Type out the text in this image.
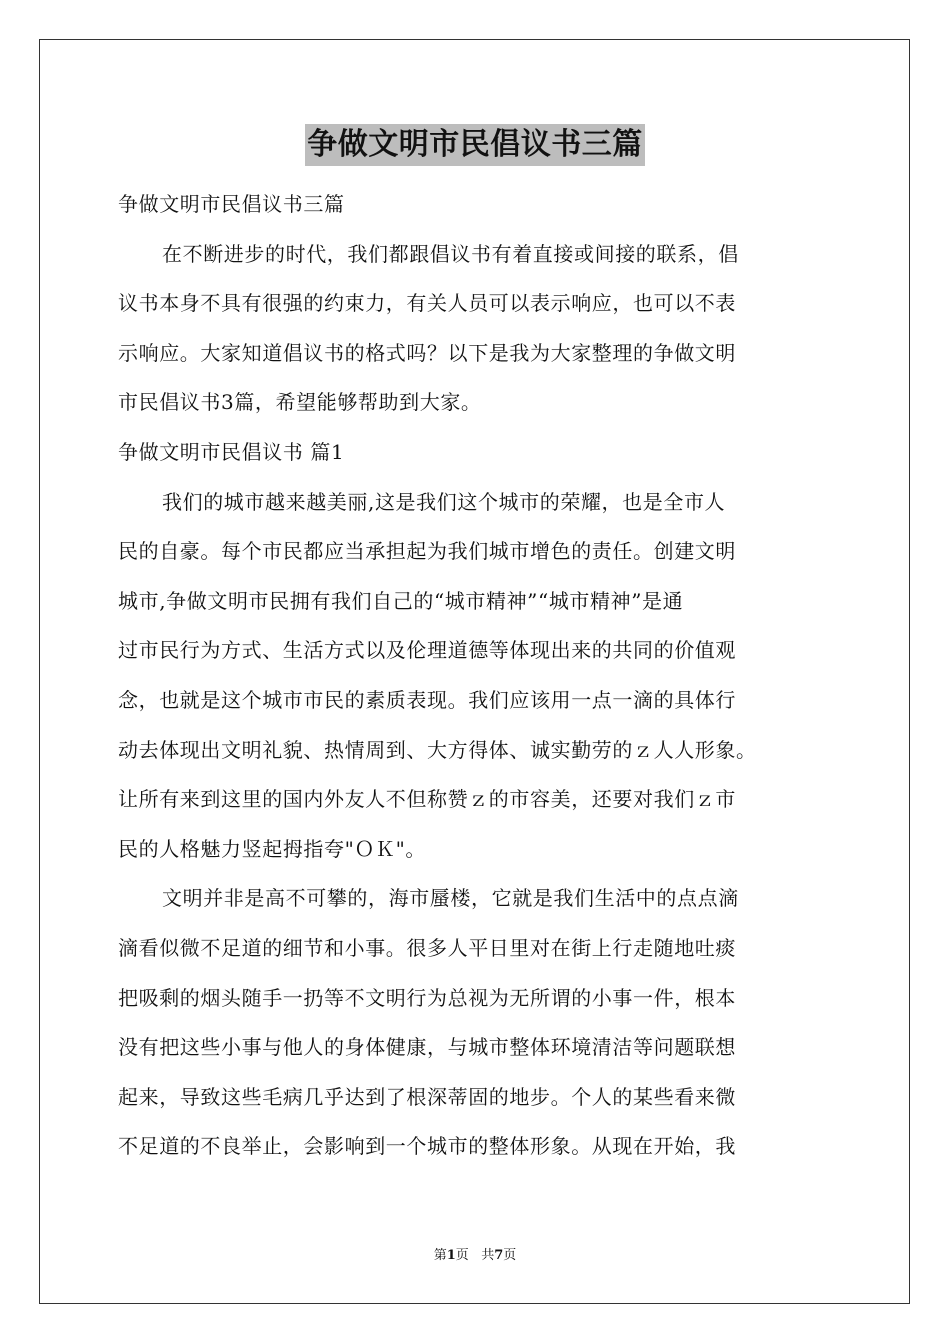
争做文明市民倡议书三篇
争做文明市民倡议书三篇
在不断进步的时代，我们都跟倡议书有着直接或间接的联系，倡
议书本身不具有很强的约束力，有关人员可以表示响应，也可以不表
示响应。大家知道倡议书的格式吗？以下是我为大家整理的争做文明
市民倡议书3篇，希望能够帮助到大家。
争做文明市民倡议书 篇1
我们的城市越来越美丽,这是我们这个城市的荣耀，也是全市人
民的自豪。每个市民都应当承担起为我们城市增色的责任。创建文明
城市,争做文明市民拥有我们自己的“城市精神”“城市精神”是通
过市民行为方式、生活方式以及伦理道德等体现出来的共同的价值观
念，也就是这个城市市民的素质表现。我们应该用一点一滴的具体行
动去体现出文明礼貌、热情周到、大方得体、诚实勤劳的ｚ人人形象。
让所有来到这里的国内外友人不但称赞ｚ的市容美，还要对我们ｚ市
民的人格魅力竖起拇指夸"ＯＫ"。
文明并非是高不可攀的，海市蜃楼，它就是我们生活中的点点滴
滴看似微不足道的细节和小事。很多人平日里对在街上行走随地吐痰
把吸剩的烟头随手一扔等不文明行为总视为无所谓的小事一件，根本
没有把这些小事与他人的身体健康，与城市整体环境清洁等问题联想
起来，导致这些毛病几乎达到了根深蒂固的地步。个人的某些看来微
不足道的不良举止，会影响到一个城市的整体形象。从现在开始，我
第1页 共7页
